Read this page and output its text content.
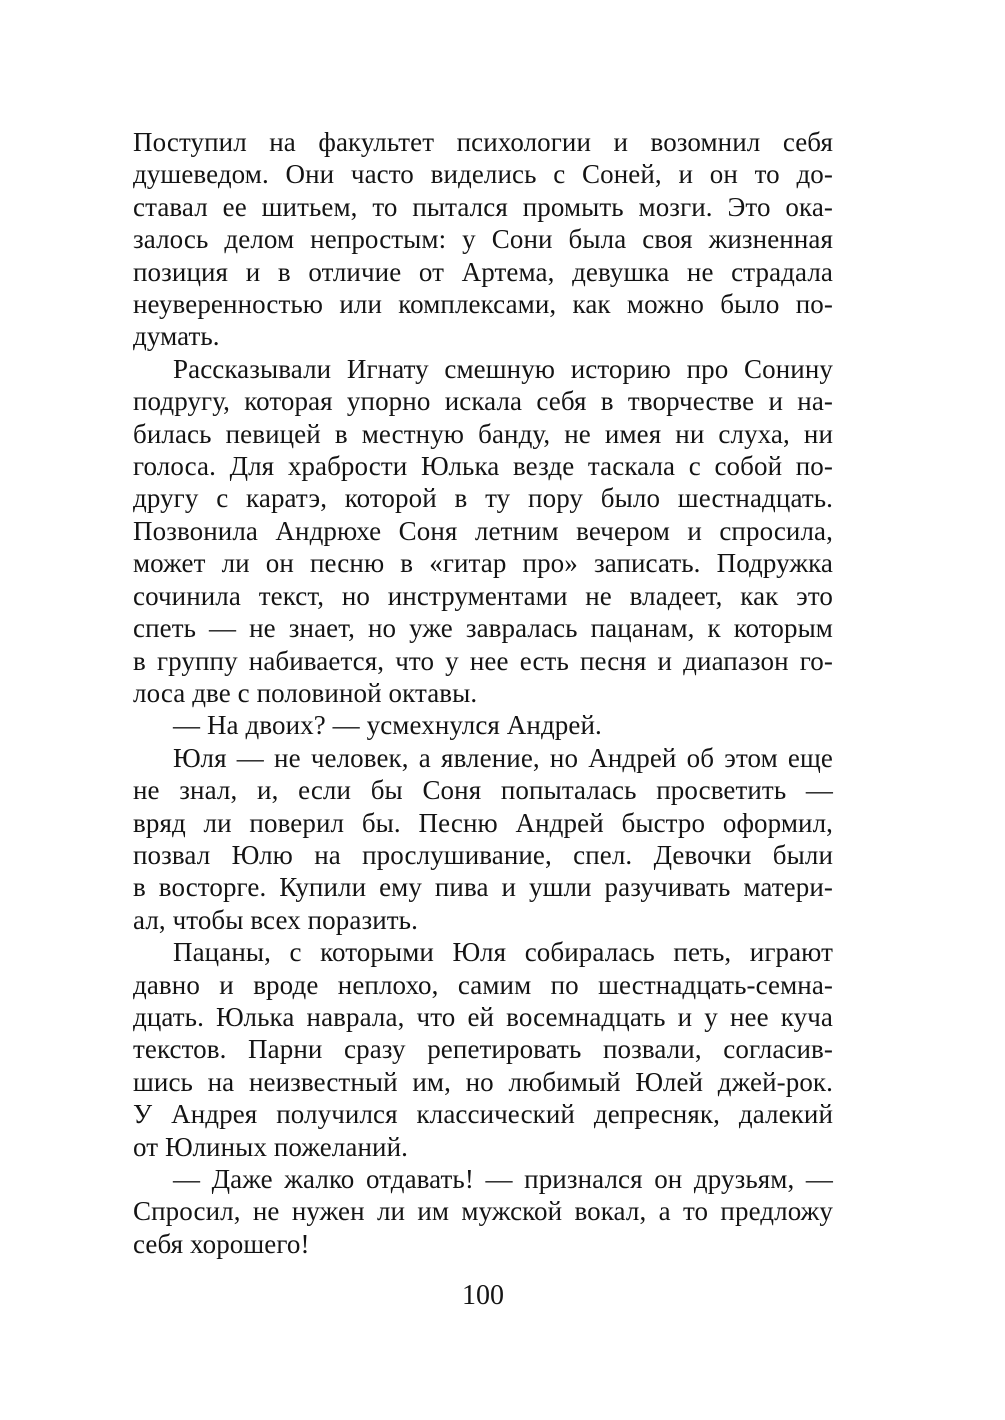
Поступил на факультет психологии и возомнил себя
душеведом. Они часто виделись с Соней, и он то до-
ставал ее шитьем, то пытался промыть мозги. Это ока-
залось делом непростым: у Сони была своя жизненная
позиция и в отличие от Артема, девушка не страдала
неуверенностью или комплексами, как можно было по-
думать.
Рассказывали Игнату смешную историю про Сонину
подругу, которая упорно искала себя в творчестве и на-
билась певицей в местную банду, не имея ни слуха, ни
голоса. Для храбрости Юлька везде таскала с собой по-
другу с каратэ, которой в ту пору было шестнадцать.
Позвонила Андрюхе Соня летним вечером и спросила,
может ли он песню в «гитар про» записать. Подружка
сочинила текст, но инструментами не владеет, как это
спеть — не знает, но уже завралась пацанам, к которым
в группу набивается, что у нее есть песня и диапазон го-
лоса две с половиной октавы.
— На двоих? — усмехнулся Андрей.
Юля — не человек, а явление, но Андрей об этом еще
не знал, и, если бы Соня попыталась просветить —
вряд ли поверил бы. Песню Андрей быстро оформил,
позвал Юлю на прослушивание, спел. Девочки были
в восторге. Купили ему пива и ушли разучивать матери-
ал, чтобы всех поразить.
Пацаны, с которыми Юля собиралась петь, играют
давно и вроде неплохо, самим по шестнадцать-семна-
дцать. Юлька наврала, что ей восемнадцать и у нее куча
текстов. Парни сразу репетировать позвали, согласив-
шись на неизвестный им, но любимый Юлей джей-рок.
У Андрея получился классический депресняк, далекий
от Юлиных пожеланий.
— Даже жалко отдавать! — признался он друзьям, —
Спросил, не нужен ли им мужской вокал, а то предложу
себя хорошего!
100
